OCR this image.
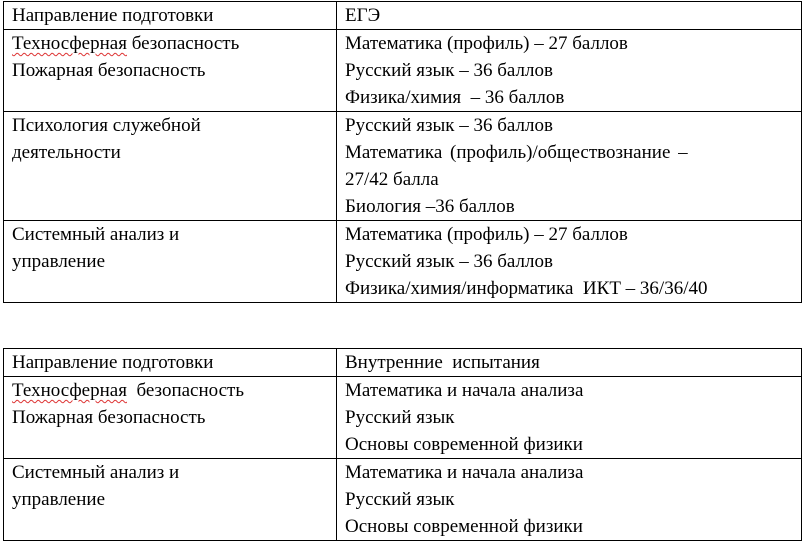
Направление подготовки	ЕГЭ

Техносферная безопасность
Пожарная безопасность	Математика (профиль) – 27 баллов
Русский язык – 36 баллов
Физика/химия  – 36 баллов

Психология служебной
деятельности	Русский язык – 36 баллов
Математика (профиль)/обществознание –
27/42 балла
Биология –36 баллов

Системный анализ и
управление	Математика (профиль) – 27 баллов
Русский язык – 36 баллов
Физика/химия/информатика  ИКТ – 36/36/40
Направление подготовки	Внутренние  испытания

Техносферная  безопасность
Пожарная безопасность	Математика и начала анализа
Русский язык
Основы современной физики

Системный анализ и
управление	Математика и начала анализа
Русский язык
Основы современной физики
